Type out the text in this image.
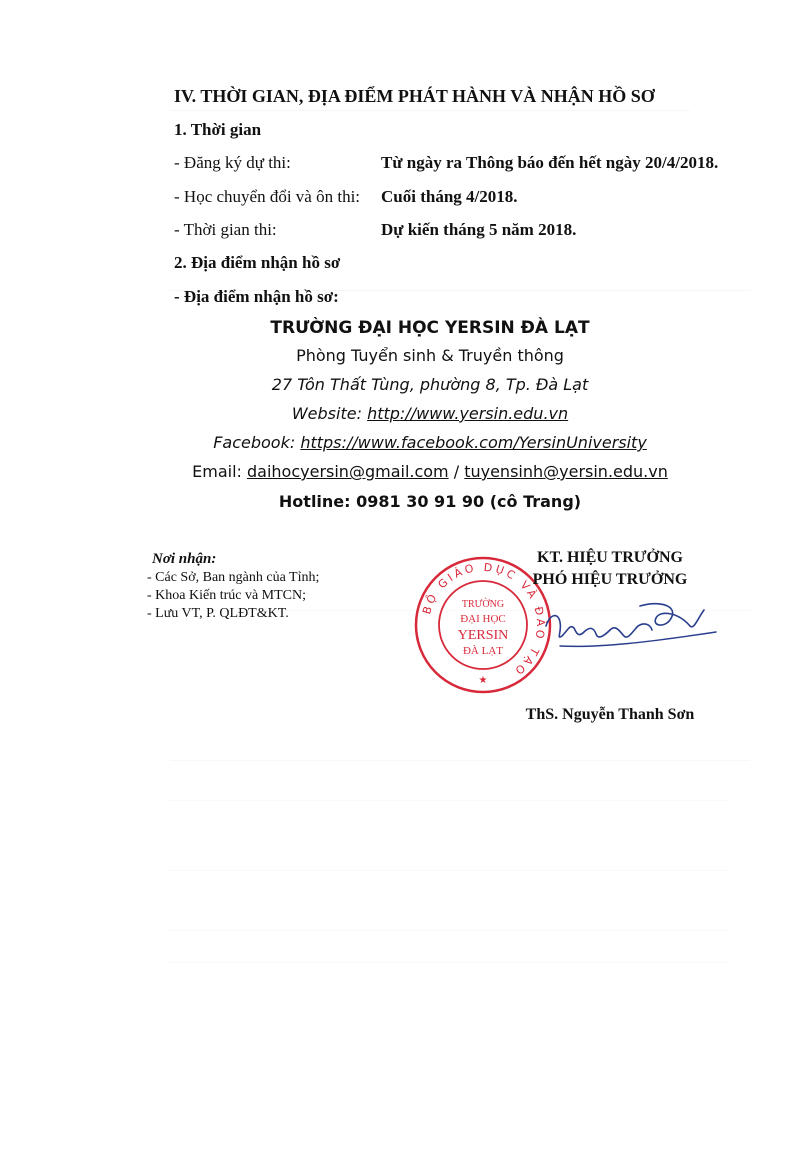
IV. THỜI GIAN, ĐỊA ĐIỂM PHÁT HÀNH VÀ NHẬN HỒ SƠ
1. Thời gian
- Đăng ký dự thi:	Từ ngày ra Thông báo đến hết ngày 20/4/2018.
- Học chuyển đổi và ôn thi: Cuối tháng 4/2018.
- Thời gian thi:	Dự kiến tháng 5 năm 2018.
2. Địa điểm nhận hồ sơ
- Địa điểm nhận hồ sơ:
TRƯỜNG ĐẠI HỌC YERSIN ĐÀ LẠT
Phòng Tuyển sinh & Truyền thông
27 Tôn Thất Tùng, phường 8, Tp. Đà Lạt
Website: http://www.yersin.edu.vn
Facebook: https://www.facebook.com/YersinUniversity
Email: daihocyersin@gmail.com / tuyensinh@yersin.edu.vn
Hotline: 0981 30 91 90 (cô Trang)
Nơi nhận:
- Các Sở, Ban ngành của Tỉnh;
- Khoa Kiến trúc và MTCN;
- Lưu VT, P. QLĐT&KT.	BỘ GIÁO DỤC VÀ ĐÀO TẠO
TRƯỜNG
ĐẠI HỌC
YERSIN
ĐÀ LẠT
★
KT. HIỆU TRƯỞNG
PHÓ HIỆU TRƯỞNG
ThS. Nguyễn Thanh Sơn
